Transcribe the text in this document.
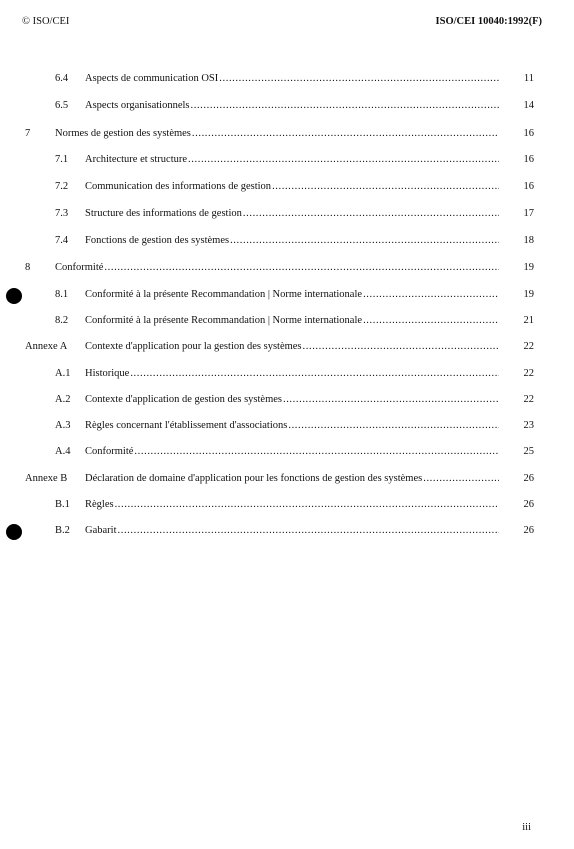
© ISO/CEI	ISO/CEI 10040:1992(F)
6.4 Aspects de communication OSI .....	11
6.5 Aspects organisationnels .....	14
7 Normes de gestion des systèmes .....	16
7.1 Architecture et structure .....	16
7.2 Communication des informations de gestion .....	16
7.3 Structure des informations de gestion .....	17
7.4 Fonctions de gestion des systèmes .....	18
8 Conformité .....	19
8.1 Conformité à la présente Recommandation | Norme internationale .....	19
8.2 Conformité à la présente Recommandation | Norme internationale .....	21
Annexe A Contexte d'application pour la gestion des systèmes .....	22
A.1 Historique .....	22
A.2 Contexte d'application de gestion des systèmes .....	22
A.3 Règles concernant l'établissement d'associations .....	23
A.4 Conformité .....	25
Annexe B Déclaration de domaine d'application pour les fonctions de gestion des systèmes .....	26
B.1 Règles .....	26
B.2 Gabarit .....	26
iii
